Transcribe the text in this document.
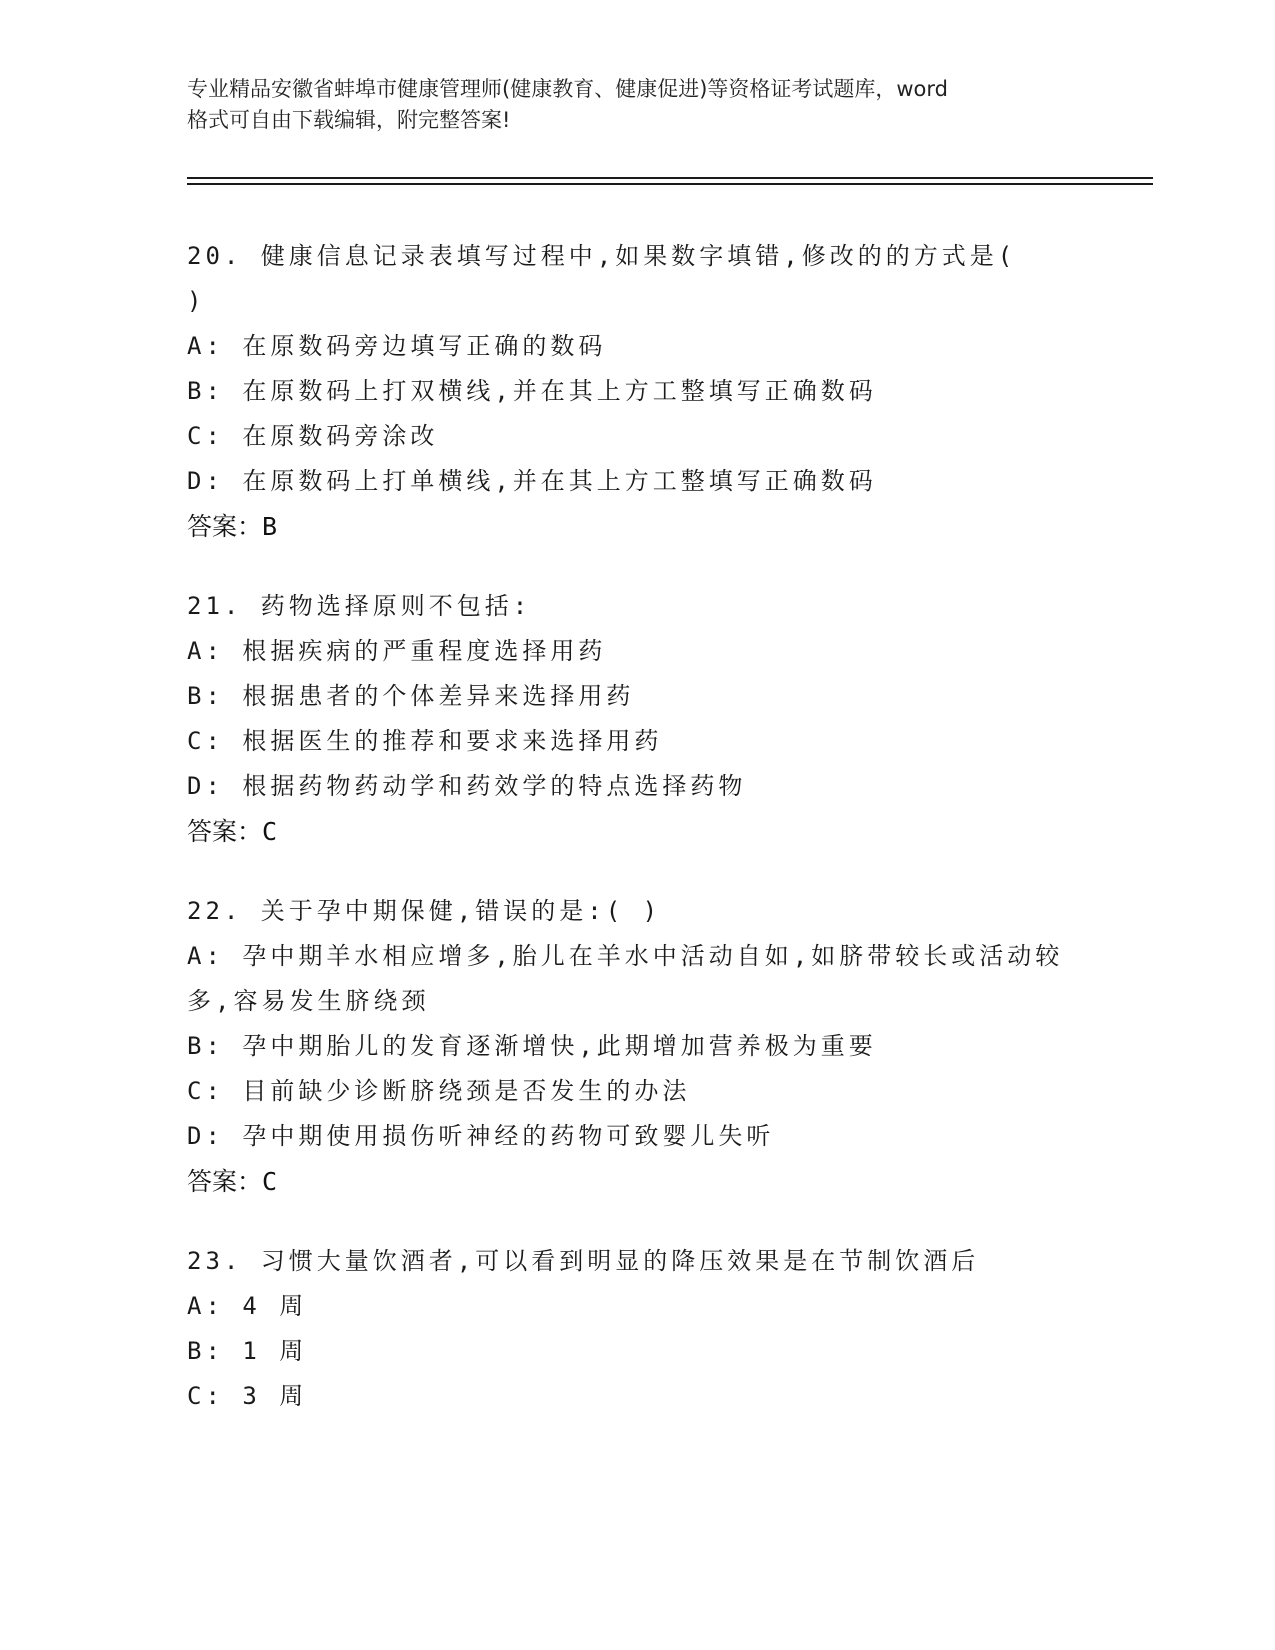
专业精品安徽省蚌埠市健康管理师(健康教育、健康促进)等资格证考试题库，word
格式可自由下载编辑，附完整答案!
20. 健康信息记录表填写过程中,如果数字填错,修改的的方式是(
)
A: 在原数码旁边填写正确的数码
B: 在原数码上打双横线,并在其上方工整填写正确数码
C: 在原数码旁涂改
D: 在原数码上打单横线,并在其上方工整填写正确数码
答案：B
21. 药物选择原则不包括:
A: 根据疾病的严重程度选择用药
B: 根据患者的个体差异来选择用药
C: 根据医生的推荐和要求来选择用药
D: 根据药物药动学和药效学的特点选择药物
答案：C
22. 关于孕中期保健,错误的是:( )
A: 孕中期羊水相应增多,胎儿在羊水中活动自如,如脐带较长或活动较
多,容易发生脐绕颈
B: 孕中期胎儿的发育逐渐增快,此期增加营养极为重要
C: 目前缺少诊断脐绕颈是否发生的办法
D: 孕中期使用损伤听神经的药物可致婴儿失听
答案：C
23. 习惯大量饮酒者,可以看到明显的降压效果是在节制饮酒后
A: 4 周
B: 1 周
C: 3 周
